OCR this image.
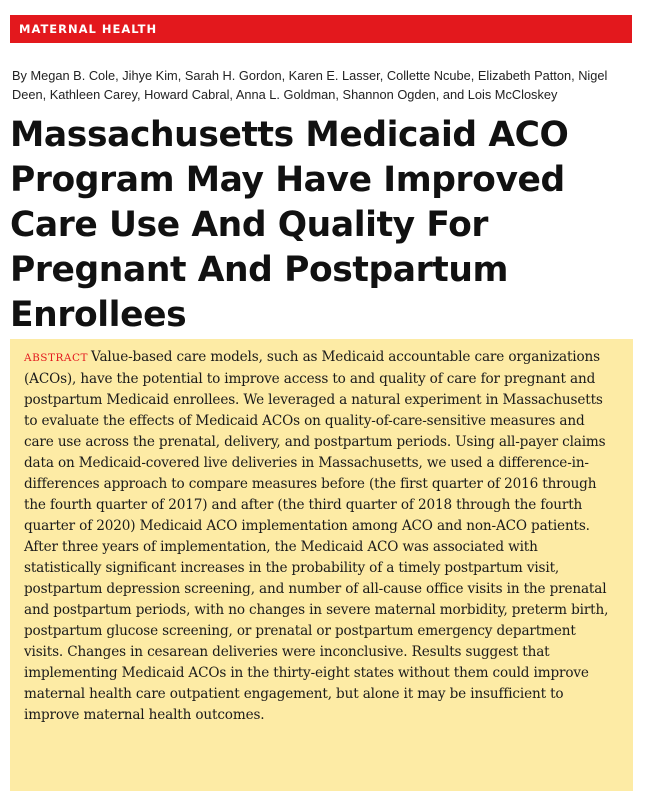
MATERNAL HEALTH
By Megan B. Cole, Jihye Kim, Sarah H. Gordon, Karen E. Lasser, Collette Ncube, Elizabeth Patton, Nigel Deen, Kathleen Carey, Howard Cabral, Anna L. Goldman, Shannon Ogden, and Lois McCloskey
Massachusetts Medicaid ACO Program May Have Improved Care Use And Quality For Pregnant And Postpartum Enrollees

ABSTRACT Value-based care models, such as Medicaid accountable care organizations (ACOs), have the potential to improve access to and quality of care for pregnant and postpartum Medicaid enrollees. We leveraged a natural experiment in Massachusetts to evaluate the effects of Medicaid ACOs on quality-of-care-sensitive measures and care use across the prenatal, delivery, and postpartum periods. Using all-payer claims data on Medicaid-covered live deliveries in Massachusetts, we used a difference-in-differences approach to compare measures before (the first quarter of 2016 through the fourth quarter of 2017) and after (the third quarter of 2018 through the fourth quarter of 2020) Medicaid ACO implementation among ACO and non-ACO patients. After three years of implementation, the Medicaid ACO was associated with statistically significant increases in the probability of a timely postpartum visit, postpartum depression screening, and number of all-cause office visits in the prenatal and postpartum periods, with no changes in severe maternal morbidity, preterm birth, postpartum glucose screening, or prenatal or postpartum emergency department visits. Changes in cesarean deliveries were inconclusive. Results suggest that implementing Medicaid ACOs in the thirty-eight states without them could improve maternal health care outpatient engagement, but alone it may be insufficient to improve maternal health outcomes.
